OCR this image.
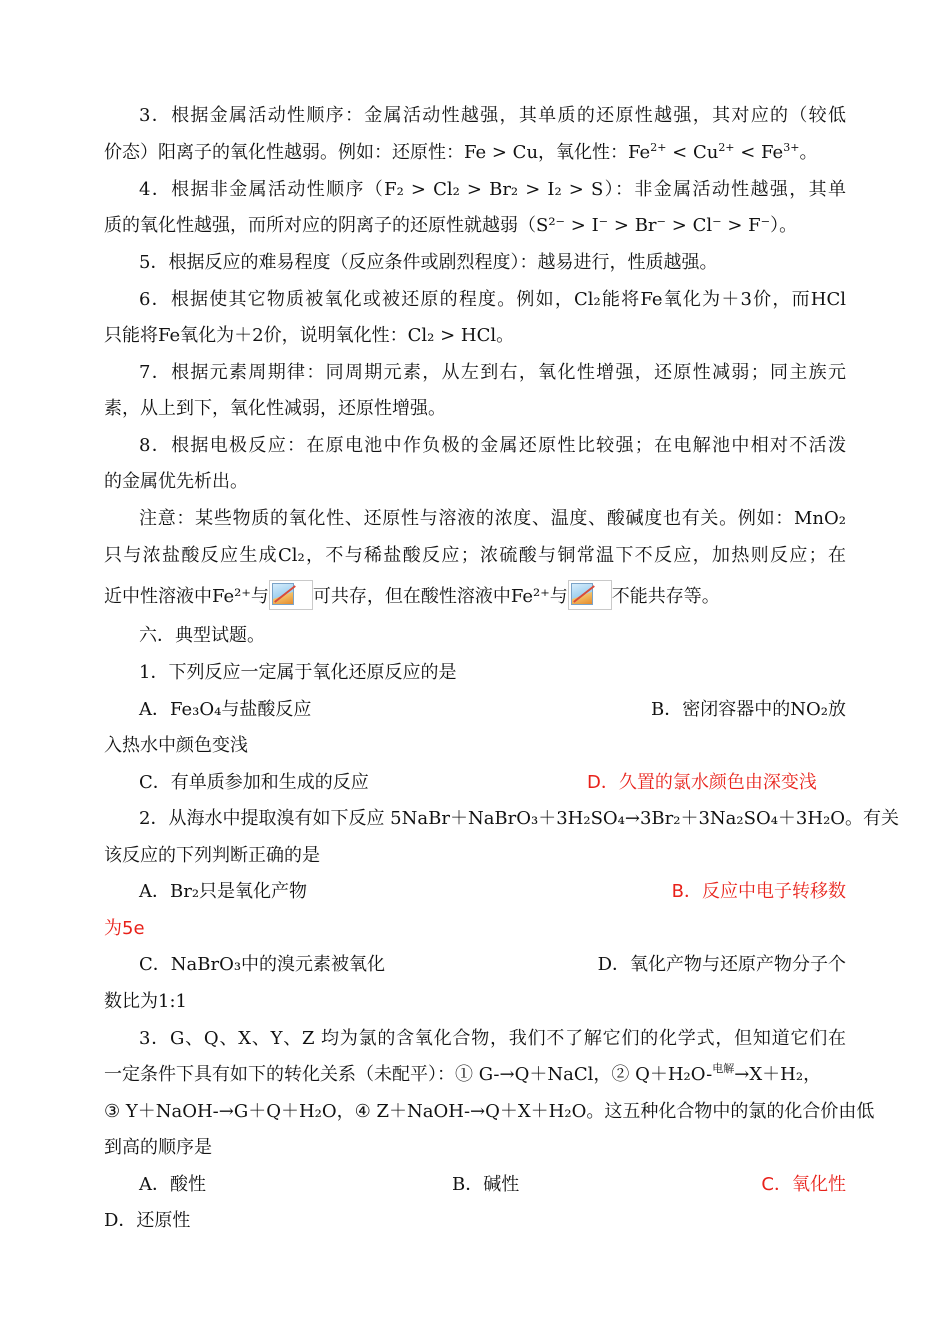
3．根据金属活动性顺序：金属活动性越强，其单质的还原性越强，其对应的（较低
价态）阳离子的氧化性越弱。例如：还原性：Fe > Cu，氧化性：$Fe^{2+} < Cu^{2+} < Fe^{3+}$。
4．根据非金属活动性顺序（F₂ > Cl₂ > Br₂ > I₂ > S）：非金属活动性越强，其单
质的氧化性越强，而所对应的阴离子的还原性就越弱（S²⁻ > I⁻ > Br⁻ > Cl⁻ > F⁻）。
5．根据反应的难易程度（反应条件或剧烈程度）：越易进行，性质越强。
6．根据使其它物质被氧化或被还原的程度。例如，Cl₂能将Fe氧化为＋3价，而HCl
只能将Fe氧化为＋2价，说明氧化性：Cl₂ > HCl。
7．根据元素周期律：同周期元素，从左到右，氧化性增强，还原性减弱；同主族元
素，从上到下，氧化性减弱，还原性增强。
8．根据电极反应：在原电池中作负极的金属还原性比较强；在电解池中相对不活泼
的金属优先析出。
注意：某些物质的氧化性、还原性与溶液的浓度、温度、酸碱度也有关。例如：MnO₂
只与浓盐酸反应生成Cl₂，不与稀盐酸反应；浓硫酸与铜常温下不反应，加热则反应；在
近中性溶液中Fe²⁺与 可共存，但在酸性溶液中Fe²⁺与 不能共存等。
六．典型试题。
1．下列反应一定属于氧化还原反应的是
A．Fe₃O₄与盐酸反应	B．密闭容器中的NO₂放
入热水中颜色变浅
C．有单质参加和生成的反应	D．久置的氯水颜色由深变浅
2．从海水中提取溴有如下反应 5NaBr＋NaBrO₃＋3H₂SO₄→3Br₂＋3Na₂SO₄＋3H₂O。有关
该反应的下列判断正确的是
A．Br₂只是氧化产物	B．反应中电子转移数
为5e
C．NaBrO₃中的溴元素被氧化	D．氧化产物与还原产物分子个
数比为1:1
3．G、Q、X、Y、Z 均为氯的含氧化合物，我们不了解它们的化学式，但知道它们在
一定条件下具有如下的转化关系（未配平）：① G-→Q＋NaCl，② Q＋H₂O-$^{电解}$→X＋H₂，
③ Y＋NaOH-→G＋Q＋H₂O，④ Z＋NaOH-→Q＋X＋H₂O。这五种化合物中的氯的化合价由低
到高的顺序是
A．酸性	B．碱性	C．氧化性
D．还原性
